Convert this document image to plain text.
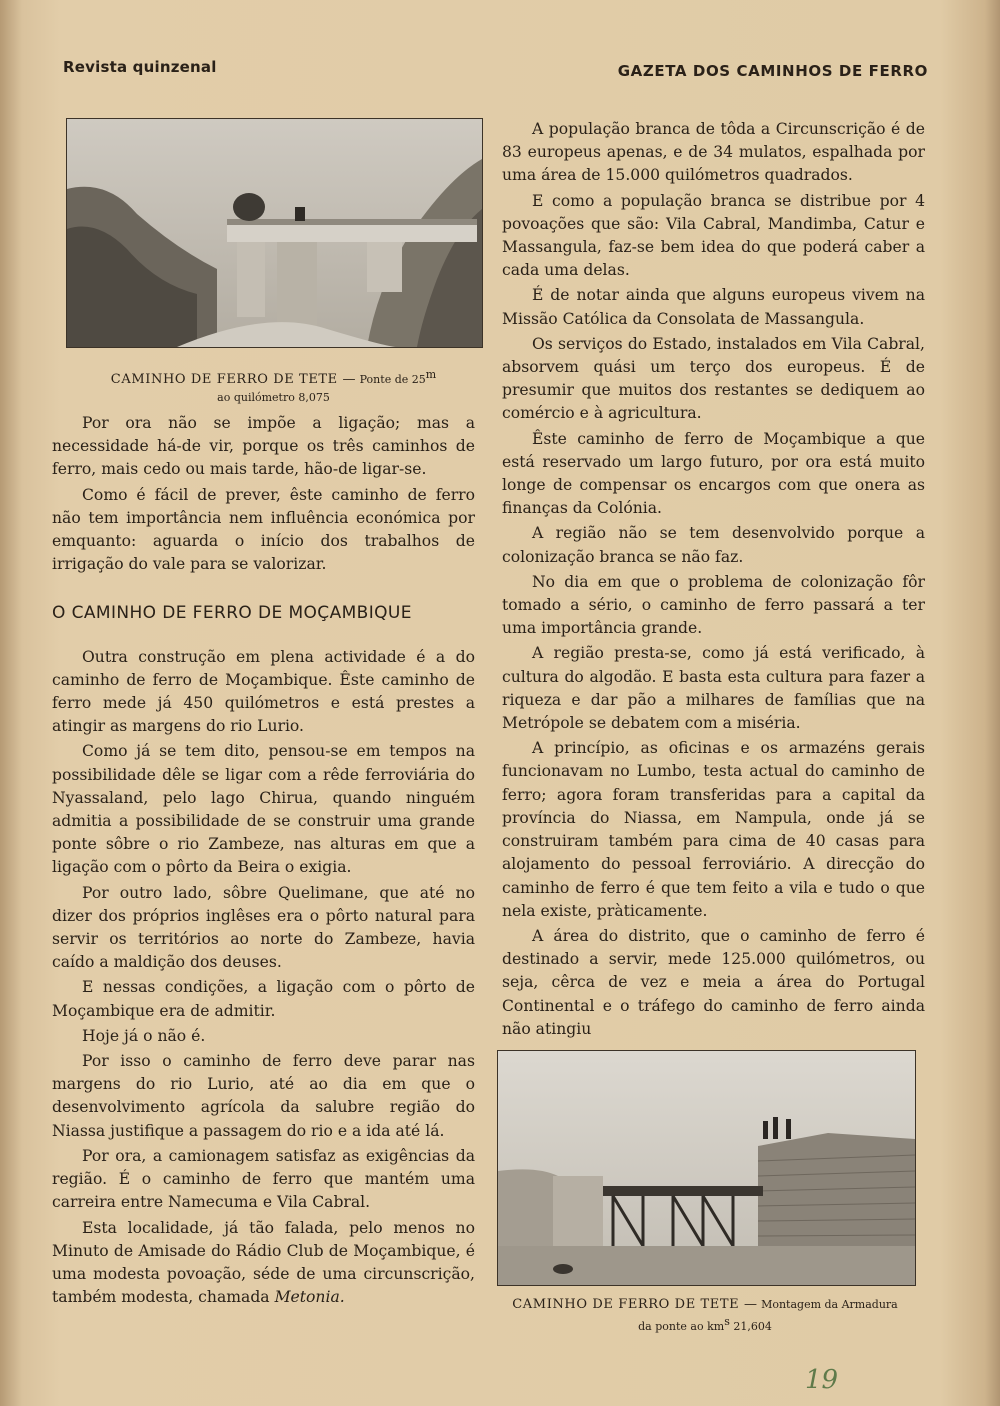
Revista quinzenal	GAZETA DOS CAMINHOS DE FERRO
CAMINHO DE FERRO DE TETE — Ponte de 25$^m$
ao quilómetro 8,075

Por ora não se impõe a ligação; mas a necessidade há-de vir, porque os três caminhos de ferro, mais cedo ou mais tarde, hão-de ligar-se.

Como é fácil de prever, êste caminho de ferro não tem importância nem influência económica por emquanto: aguarda o início dos trabalhos de irrigação do vale para se valorizar.

O CAMINHO DE FERRO DE MOÇAMBIQUE

Outra construção em plena actividade é a do caminho de ferro de Moçambique. Êste caminho de ferro mede já 450 quilómetros e está prestes a atingir as margens do rio Lurio.

Como já se tem dito, pensou-se em tempos na possibilidade dêle se ligar com a rêde ferroviária do Nyassaland, pelo lago Chirua, quando ninguém admitia a possibilidade de se construir uma grande ponte sôbre o rio Zambeze, nas alturas em que a ligação com o pôrto da Beira o exigia.

Por outro lado, sôbre Quelimane, que até no dizer dos próprios inglêses era o pôrto natural para servir os territórios ao norte do Zambeze, havia caído a maldição dos deuses.

E nessas condições, a ligação com o pôrto de Moçambique era de admitir.

Hoje já o não é.

Por isso o caminho de ferro deve parar nas margens do rio Lurio, até ao dia em que o desenvolvimento agrícola da salubre região do Niassa justifique a passagem do rio e a ida até lá.

Por ora, a camionagem satisfaz as exigências da região. É o caminho de ferro que mantém uma carreira entre Namecuma e Vila Cabral.

Esta localidade, já tão falada, pelo menos no Minuto de Amisade do Rádio Club de Moçambique, é uma modesta povoação, séde de uma circunscrição, também modesta, chamada Metonia.

A população branca de tôda a Circunscrição é de 83 europeus apenas, e de 34 mulatos, espalhada por uma área de 15.000 quilómetros quadrados.

E como a população branca se distribue por 4 povoações que são: Vila Cabral, Mandimba, Catur e Massangula, faz-se bem idea do que poderá caber a cada uma delas.

É de notar ainda que alguns europeus vivem na Missão Católica da Consolata de Massangula.

Os serviços do Estado, instalados em Vila Cabral, absorvem quási um terço dos europeus. É de presumir que muitos dos restantes se dediquem ao comércio e à agricultura.

Êste caminho de ferro de Moçambique a que está reservado um largo futuro, por ora está muito longe de compensar os encargos com que onera as finanças da Colónia.

A região não se tem desenvolvido porque a colonização branca se não faz.

No dia em que o problema de colonização fôr tomado a sério, o caminho de ferro passará a ter uma importância grande.

A região presta-se, como já está verificado, à cultura do algodão. E basta esta cultura para fazer a riqueza e dar pão a milhares de famílias que na Metrópole se debatem com a miséria.

A princípio, as oficinas e os armazéns gerais funcionavam no Lumbo, testa actual do caminho de ferro; agora foram transferidas para a capital da província do Niassa, em Nampula, onde já se construiram também para cima de 40 casas para alojamento do pessoal ferroviário. A direcção do caminho de ferro é que tem feito a vila e tudo o que nela existe, pràticamente.

A área do distrito, que o caminho de ferro é destinado a servir, mede 125.000 quilómetros, ou seja, cêrca de vez e meia a área do Portugal Continental e o tráfego do caminho de ferro ainda não atingiu

CAMINHO DE FERRO DE TETE — Montagem da Armadura
da ponte ao $km^s$ 21,604
19
